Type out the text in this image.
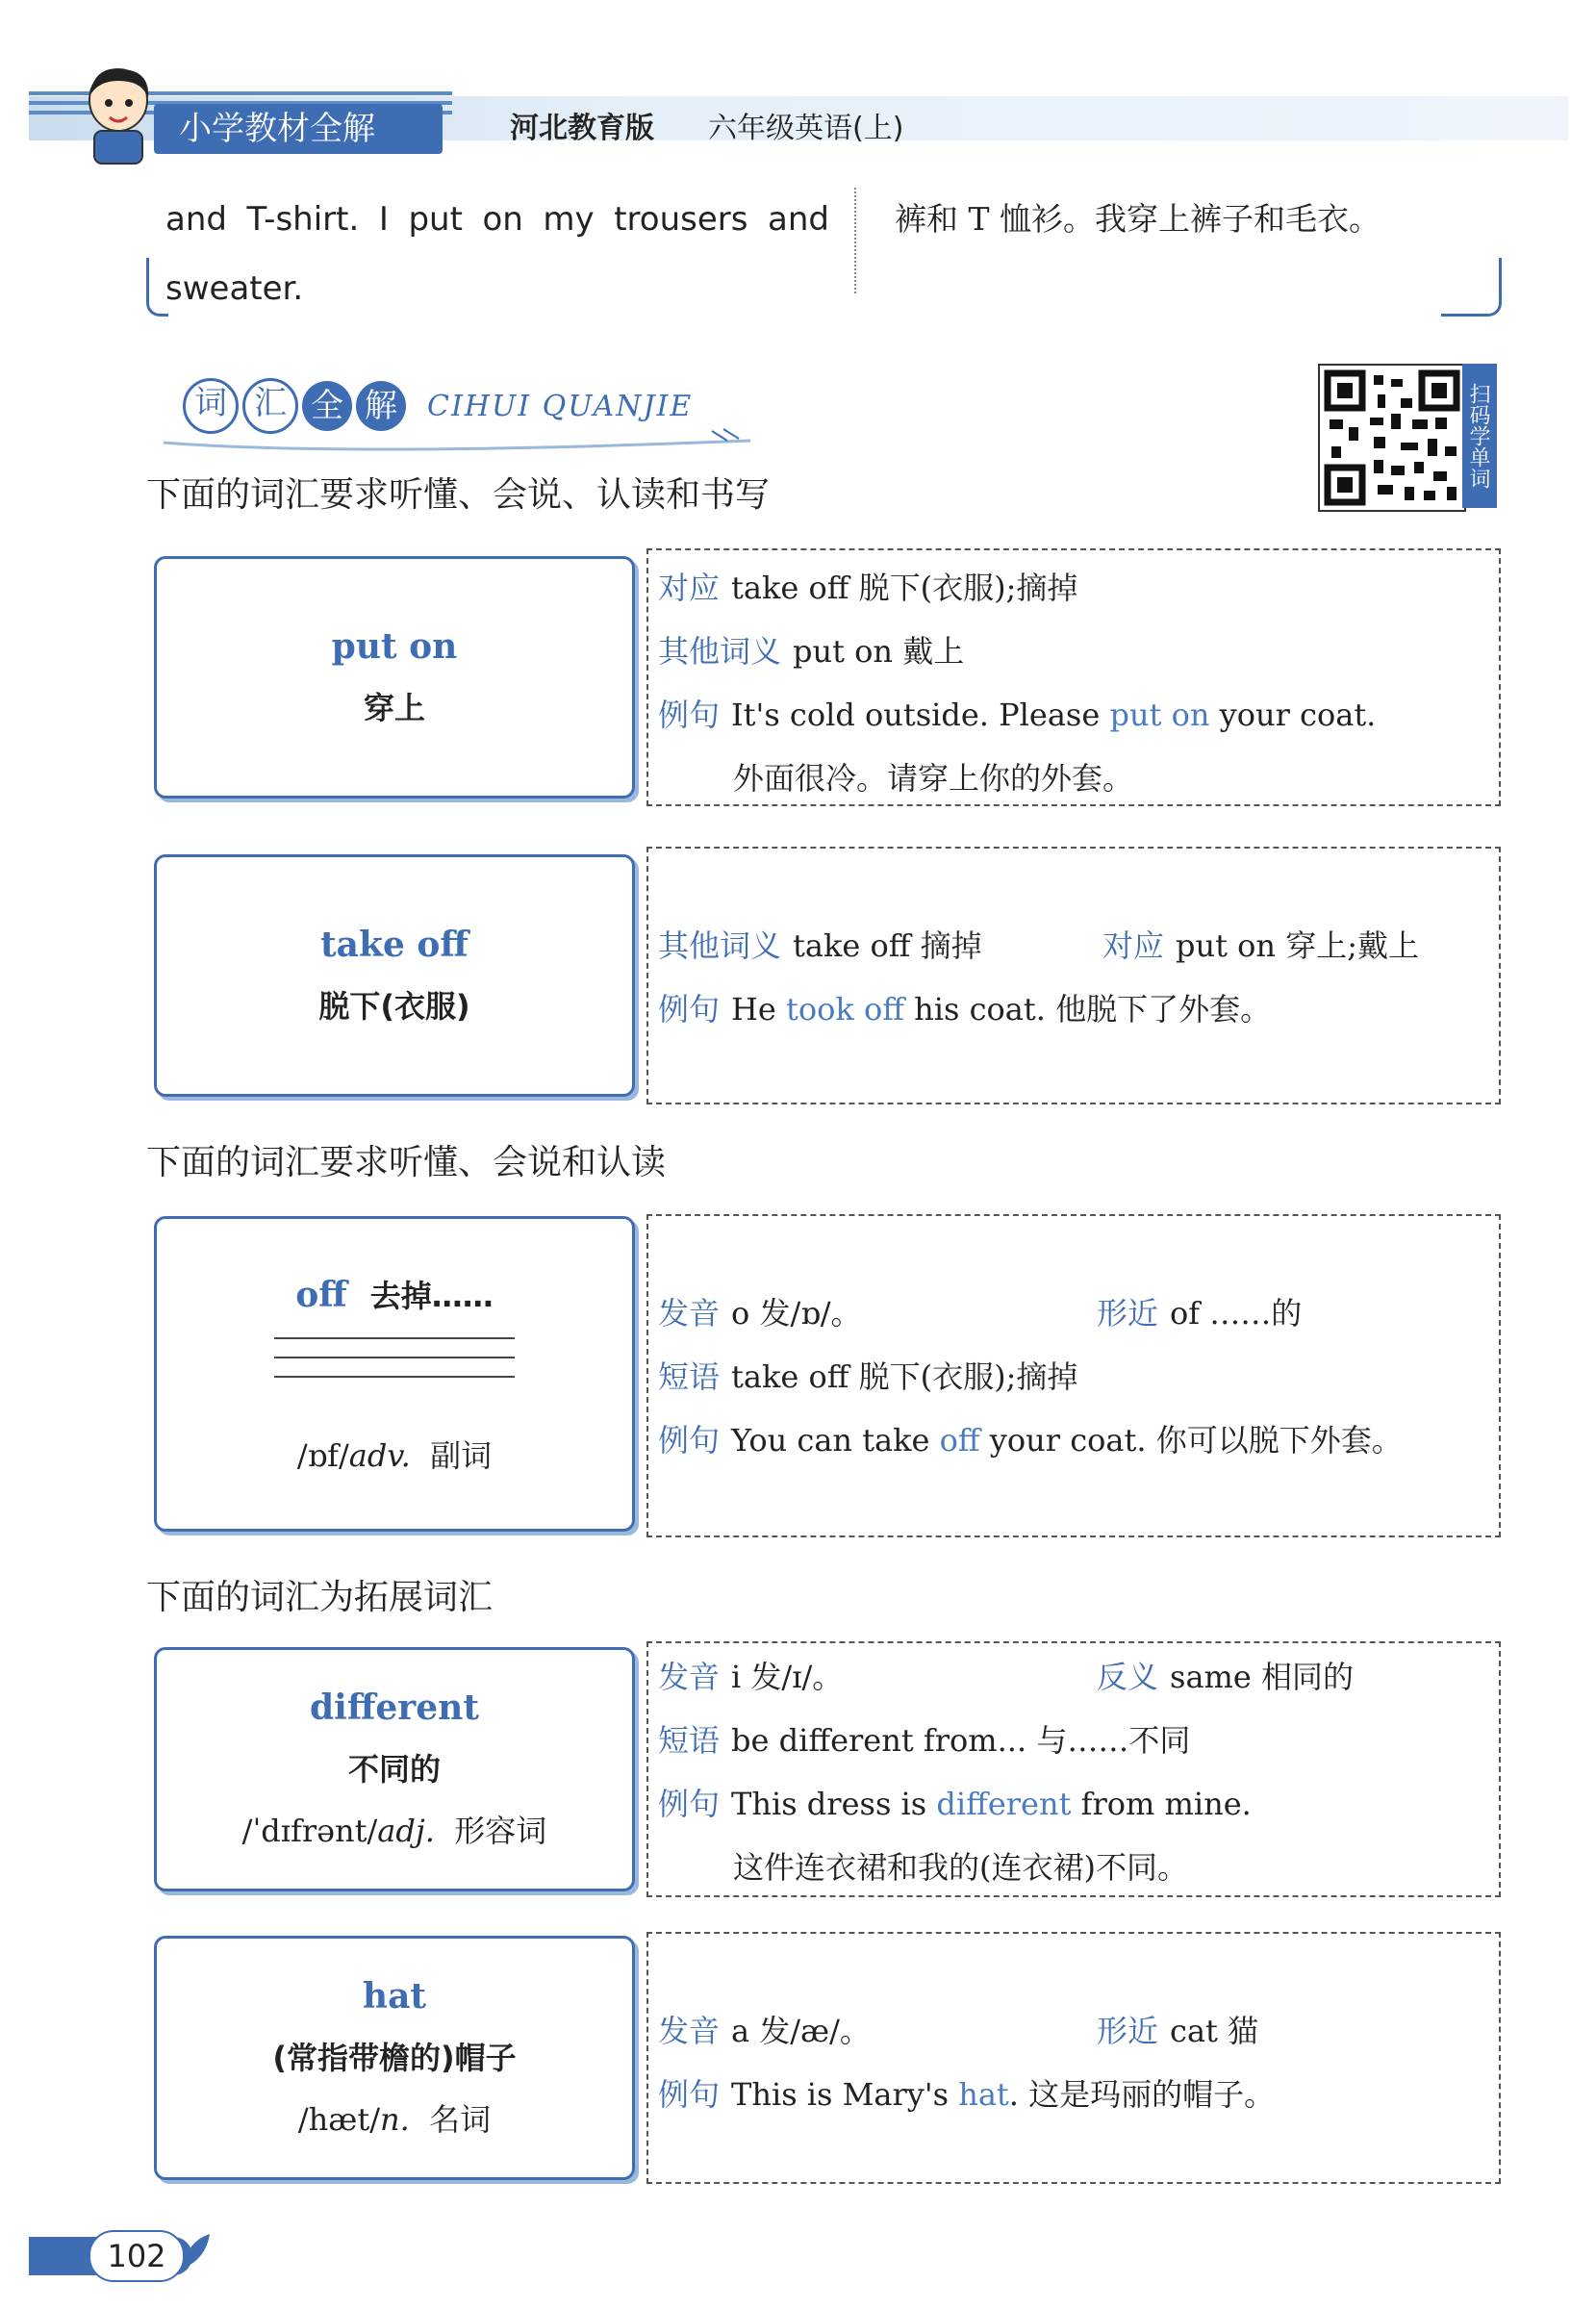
小学教材全解	河北教育版 六年级英语(上)
and T-shirt. I put on my trousers and
sweater.
裤和 T 恤衫。我穿上裤子和毛衣。
词 汇 全 解	CIHUI QUANJIE	扫码学单词
下面的词汇要求听懂、会说、认读和书写
put on
穿上
对应 take off 脱下(衣服);摘掉
其他词义 put on 戴上
例句 It's cold outside. Please put on your coat.
外面很冷。请穿上你的外套。
take off
脱下(衣服)
其他词义 take off 摘掉	对应 put on 穿上;戴上
例句 He took off his coat. 他脱下了外套。
下面的词汇要求听懂、会说和认读
off 去掉……
/ɒf/adv. 副词
发音 o 发/ɒ/。	形近 of ……的
短语 take off 脱下(衣服);摘掉
例句 You can take off your coat. 你可以脱下外套。
下面的词汇为拓展词汇
different
不同的
/ˈdɪfrənt/adj. 形容词
发音 i 发/ɪ/。	反义 same 相同的
短语 be different from... 与……不同
例句 This dress is different from mine.
这件连衣裙和我的(连衣裙)不同。
hat
(常指带檐的)帽子
/hæt/n. 名词
发音 a 发/æ/。	形近 cat 猫
例句 This is Mary's hat. 这是玛丽的帽子。
102
